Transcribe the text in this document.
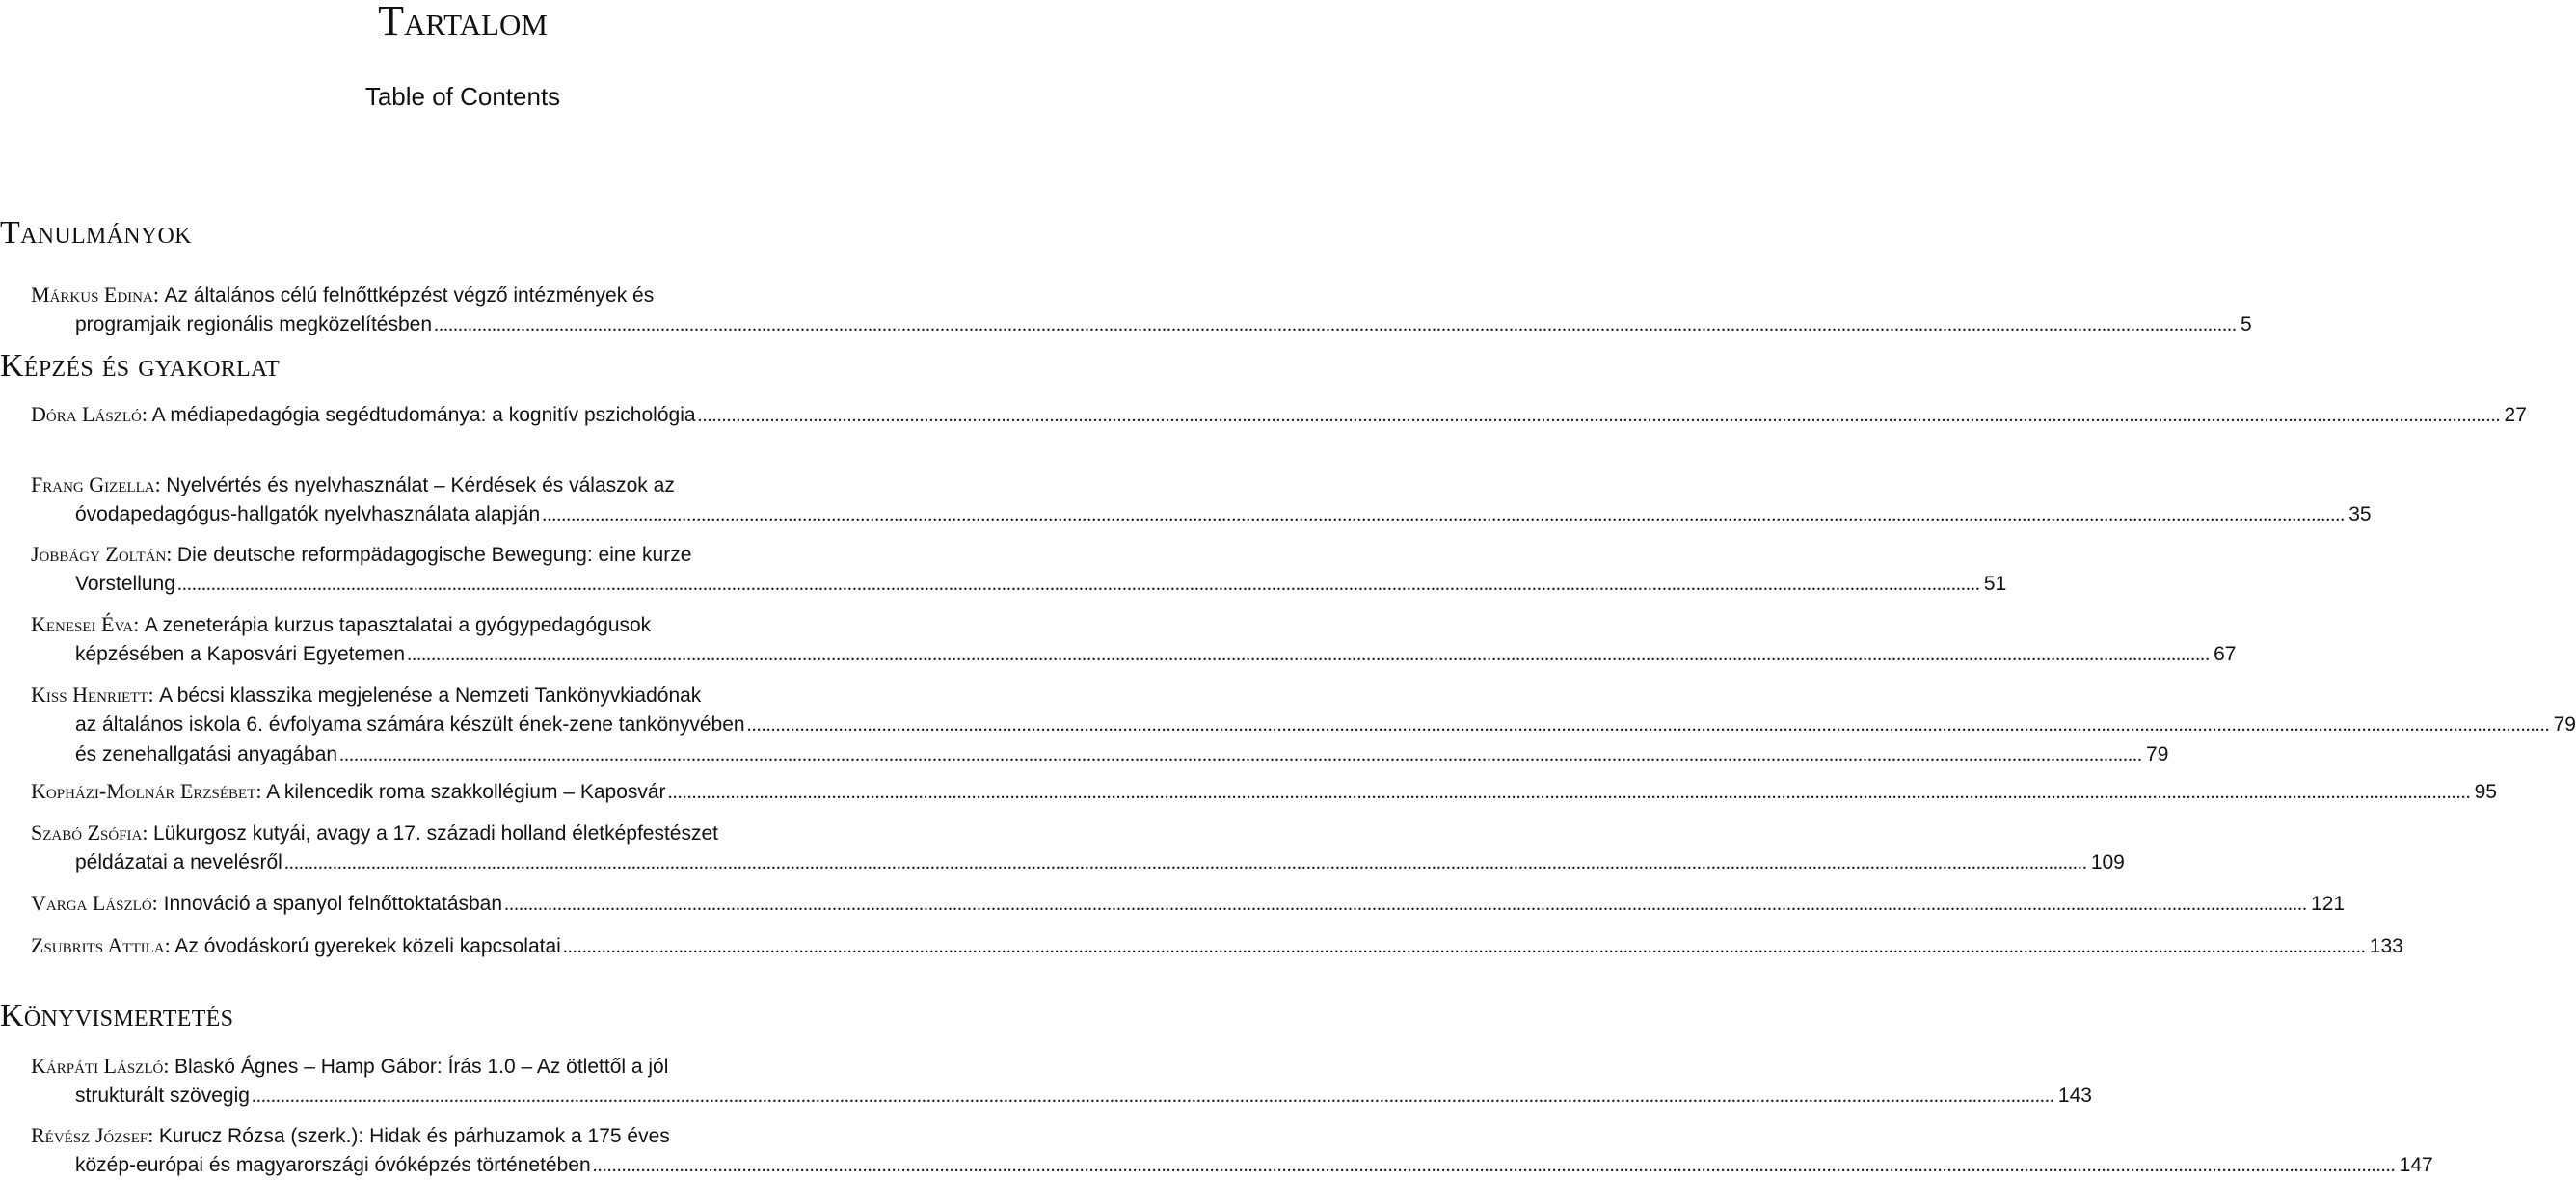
Tartalom
Table of Contents
Tanulmányok
Márkus Edina: Az általános célú felnőttképzést végző intézmények és
programjaik regionális megközelítésben .....	5
Képzés és gyakorlat
Dóra László: A médiapedagógia segédtudománya: a kognitív pszichológia .....	27
Frang Gizella: Nyelvértés és nyelvhasználat – Kérdések és válaszok az
óvodapedagógus-hallgatók nyelvhasználata alapján .....	35
Jobbágy Zoltán: Die deutsche reformpädagogische Bewegung: eine kurze
Vorstellung .....	51
Kenesei Éva: A zeneterápia kurzus tapasztalatai a gyógypedagógusok
képzésében a Kaposvári Egyetemen .....	67
Kiss Henriett: A bécsi klasszika megjelenése a Nemzeti Tankönyvkiadónak
az általános iskola 6. évfolyama számára készült ének-zene tankönyvében .....	79
és zenehallgatási anyagában .....	79
Kopházi-Molnár Erzsébet: A kilencedik roma szakkollégium – Kaposvár .....	95
Szabó Zsófia: Lükurgosz kutyái, avagy a 17. századi holland életképfestészet
példázatai a nevelésről .....	109
Varga László: Innováció a spanyol felnőttoktatásban .....	121
Zsubrits Attila: Az óvodáskorú gyerekek közeli kapcsolatai .....	133
Könyvismertetés
Kárpáti László: Blaskó Ágnes – Hamp Gábor: Írás 1.0 – Az ötlettől a jól
strukturált szövegig .....	143
Révész József: Kurucz Rózsa (szerk.): Hidak és párhuzamok a 175 éves
közép-európai és magyarországi óvóképzés történetében .....	147
